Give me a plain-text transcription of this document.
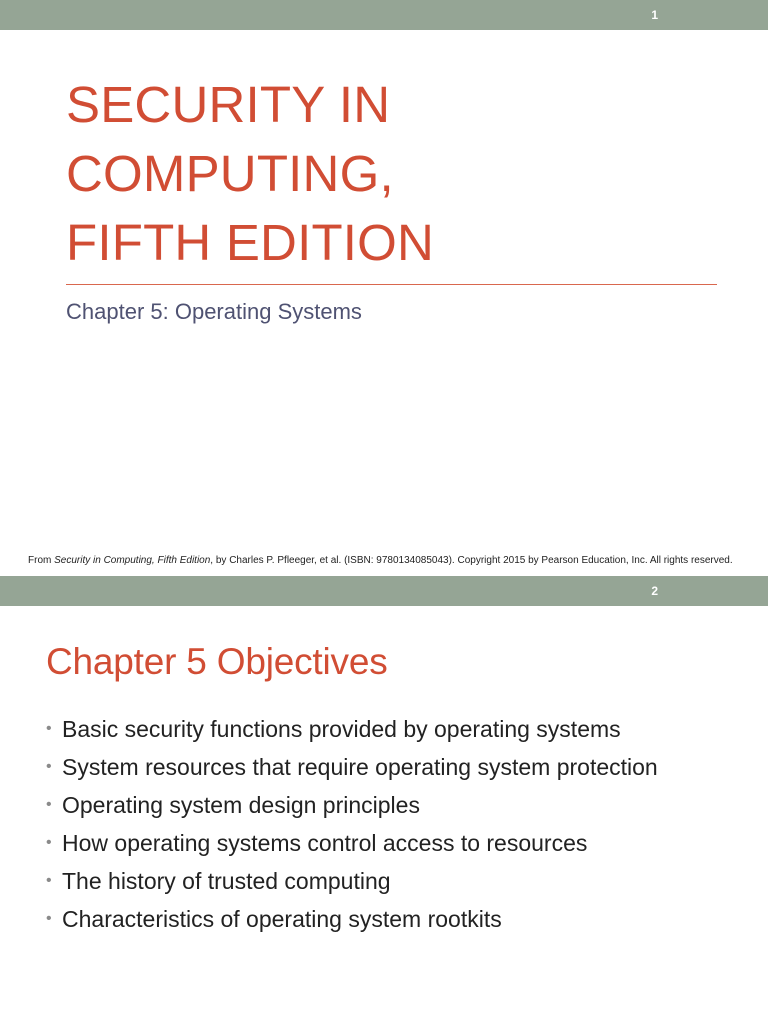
1
SECURITY IN
COMPUTING,
FIFTH EDITION
Chapter 5: Operating Systems
From Security in Computing, Fifth Edition, by Charles P. Pfleeger, et al. (ISBN: 9780134085043). Copyright 2015 by Pearson Education, Inc. All rights reserved.
2
Chapter 5 Objectives
• Basic security functions provided by operating systems
• System resources that require operating system protection
• Operating system design principles
• How operating systems control access to resources
• The history of trusted computing
• Characteristics of operating system rootkits
